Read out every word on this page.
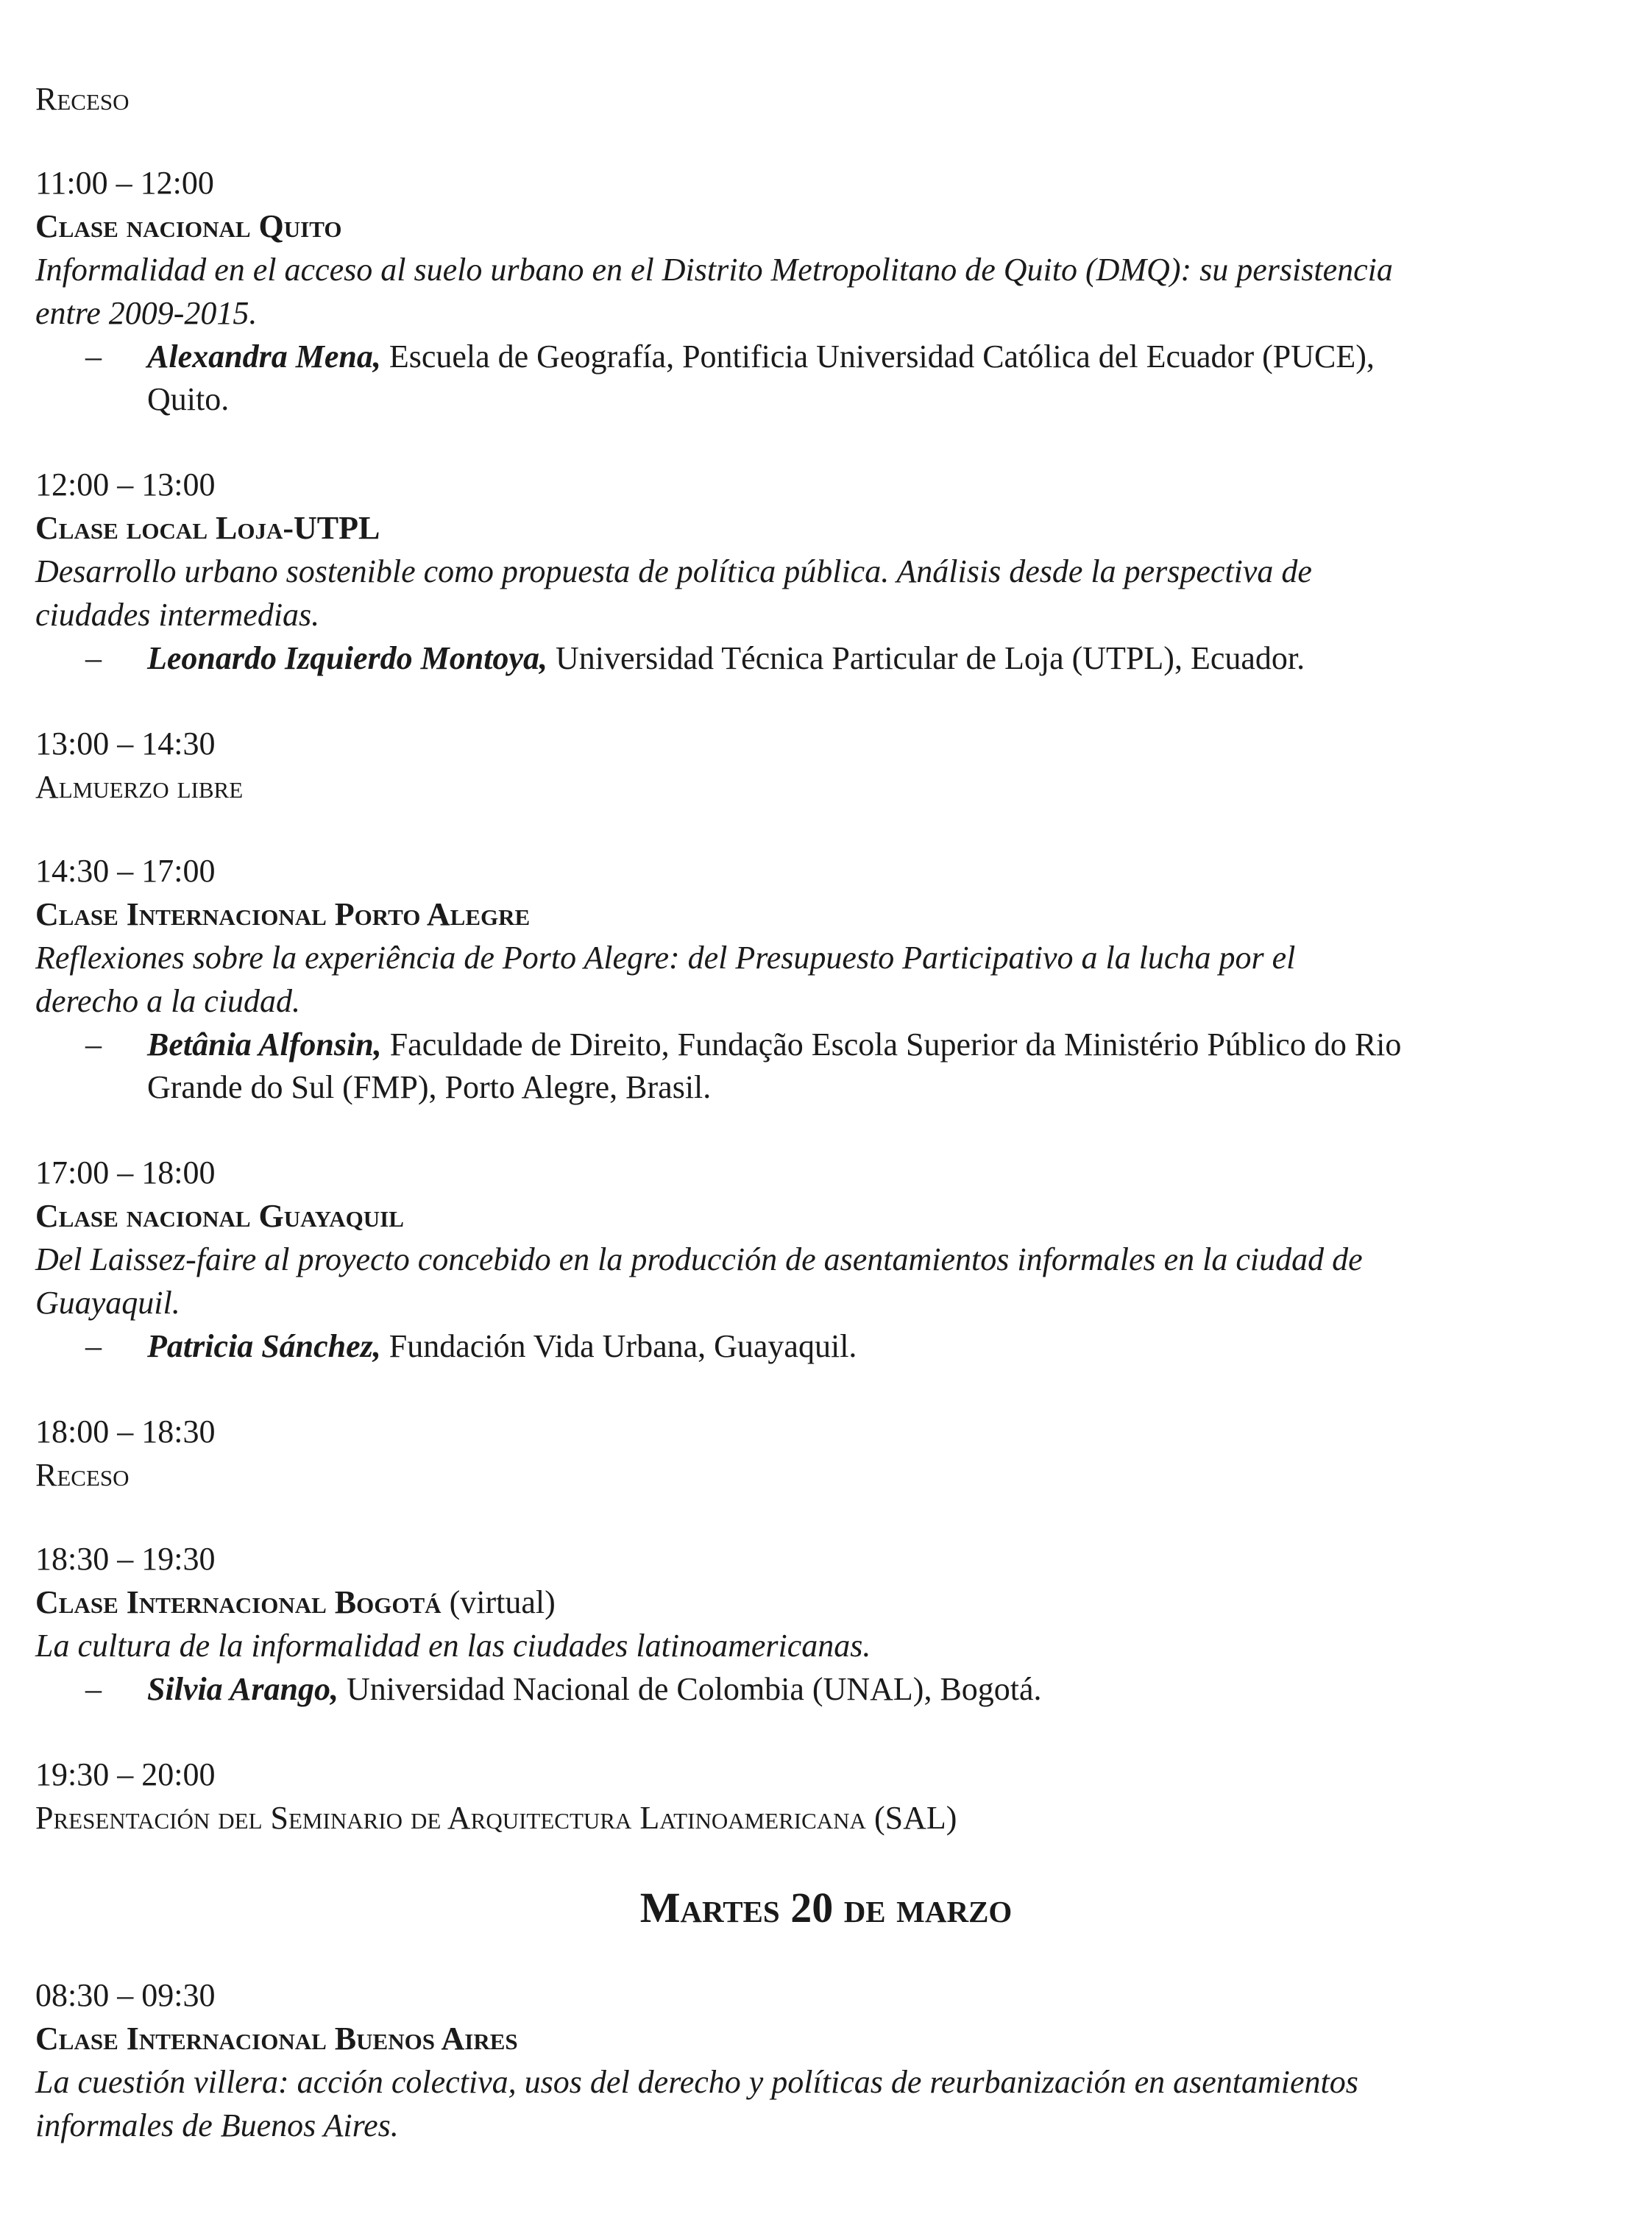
Receso
11:00 – 12:00
Clase nacional Quito
Informalidad en el acceso al suelo urbano en el Distrito Metropolitano de Quito (DMQ): su persistencia
entre 2009-2015.
– Alexandra Mena, Escuela de Geografía, Pontificia Universidad Católica del Ecuador (PUCE),
Quito.
12:00 – 13:00
Clase local Loja-UTPL
Desarrollo urbano sostenible como propuesta de política pública. Análisis desde la perspectiva de
ciudades intermedias.
– Leonardo Izquierdo Montoya, Universidad Técnica Particular de Loja (UTPL), Ecuador.
13:00 – 14:30
Almuerzo libre
14:30 – 17:00
Clase Internacional Porto Alegre
Reflexiones sobre la experiência de Porto Alegre: del Presupuesto Participativo a la lucha por el
derecho a la ciudad.
– Betânia Alfonsin, Faculdade de Direito, Fundação Escola Superior da Ministério Público do Rio
Grande do Sul (FMP), Porto Alegre, Brasil.
17:00 – 18:00
Clase nacional Guayaquil
Del Laissez-faire al proyecto concebido en la producción de asentamientos informales en la ciudad de
Guayaquil.
– Patricia Sánchez, Fundación Vida Urbana, Guayaquil.
18:00 – 18:30
Receso
18:30 – 19:30
Clase Internacional Bogotá (virtual)
La cultura de la informalidad en las ciudades latinoamericanas.
– Silvia Arango, Universidad Nacional de Colombia (UNAL), Bogotá.
19:30 – 20:00
Presentación del Seminario de Arquitectura Latinoamericana (SAL)
Martes 20 de marzo
08:30 – 09:30
Clase Internacional Buenos Aires
La cuestión villera: acción colectiva, usos del derecho y políticas de reurbanización en asentamientos
informales de Buenos Aires.
